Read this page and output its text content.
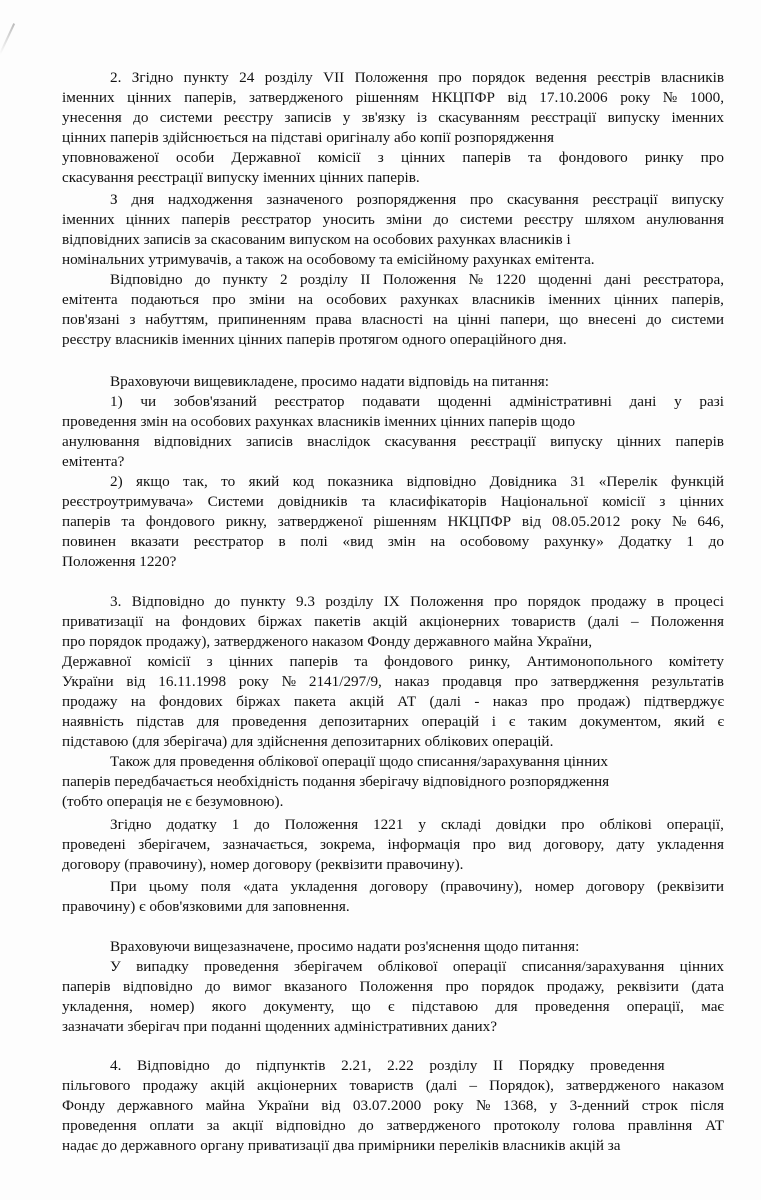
2. Згідно пункту 24 розділу VII Положення про порядок ведення реєстрів власників
іменних цінних паперів, затвердженого рішенням НКЦПФР від 17.10.2006 року № 1000,
унесення до системи реєстру записів у зв'язку із скасуванням реєстрації випуску іменних
цінних паперів здійснюється на підставі оригіналу або копії розпорядження
уповноваженої особи Державної комісії з цінних паперів та фондового ринку про
скасування реєстрації випуску іменних цінних паперів.
З дня надходження зазначеного розпорядження про скасування реєстрації випуску
іменних цінних паперів реєстратор уносить зміни до системи реєстру шляхом анулювання
відповідних записів за скасованим випуском на особових рахунках власників і
номінальних утримувачів, а також на особовому та емісійному рахунках емітента.
Відповідно до пункту 2 розділу II Положення № 1220 щоденні дані реєстратора,
емітента подаються про зміни на особових рахунках власників іменних цінних паперів,
пов'язані з набуттям, припиненням права власності на цінні папери, що внесені до системи
реєстру власників іменних цінних паперів протягом одного операційного дня.
Враховуючи вищевикладене, просимо надати відповідь на питання:
1) чи зобов'язаний реєстратор подавати щоденні адміністративні дані у разі
проведення змін на особових рахунках власників іменних цінних паперів щодо
анулювання відповідних записів внаслідок скасування реєстрації випуску цінних паперів
емітента?
2) якщо так, то який код показника відповідно Довідника 31 «Перелік функцій
реєстроутримувача» Системи довідників та класифікаторів Національної комісії з цінних
паперів та фондового рикну, затвердженої рішенням НКЦПФР від 08.05.2012 року № 646,
повинен вказати реєстратор в полі «вид змін на особовому рахунку» Додатку 1 до
Положення 1220?
3. Відповідно до пункту 9.3 розділу IX Положення про порядок продажу в процесі
приватизації на фондових біржах пакетів акцій акціонерних товариств (далі – Положення
про порядок продажу), затвердженого наказом Фонду державного майна України,
Державної комісії з цінних паперів та фондового ринку, Антимонопольного комітету
України від 16.11.1998 року № 2141/297/9, наказ продавця про затвердження результатів
продажу на фондових біржах пакета акцій АТ (далі - наказ про продаж) підтверджує
наявність підстав для проведення депозитарних операцій і є таким документом, який є
підставою (для зберігача) для здійснення депозитарних облікових операцій.
Також для проведення облікової операції щодо списання/зарахування цінних
паперів передбачається необхідність подання зберігачу відповідного розпорядження
(тобто операція не є безумовною).
Згідно додатку 1 до Положення 1221 у складі довідки про облікові операції,
проведені зберігачем, зазначається, зокрема, інформація про вид договору, дату укладення
договору (правочину), номер договору (реквізити правочину).
При цьому поля «дата укладення договору (правочину), номер договору (реквізити
правочину) є обов'язковими для заповнення.
Враховуючи вищезазначене, просимо надати роз'яснення щодо питання:
У випадку проведення зберігачем облікової операції списання/зарахування цінних
паперів відповідно до вимог вказаного Положення про порядок продажу, реквізити (дата
укладення, номер) якого документу, що є підставою для проведення операції, має
зазначати зберігач при поданні щоденних адміністративних даних?
4. Відповідно до підпунктів 2.21, 2.22 розділу II Порядку проведення
пільгового продажу акцій акціонерних товариств (далі – Порядок), затвердженого наказом
Фонду державного майна України від 03.07.2000 року № 1368, у 3-денний строк після
проведення оплати за акції відповідно до затвердженого протоколу голова правління АТ
надає до державного органу приватизації два примірники переліків власників акцій за
